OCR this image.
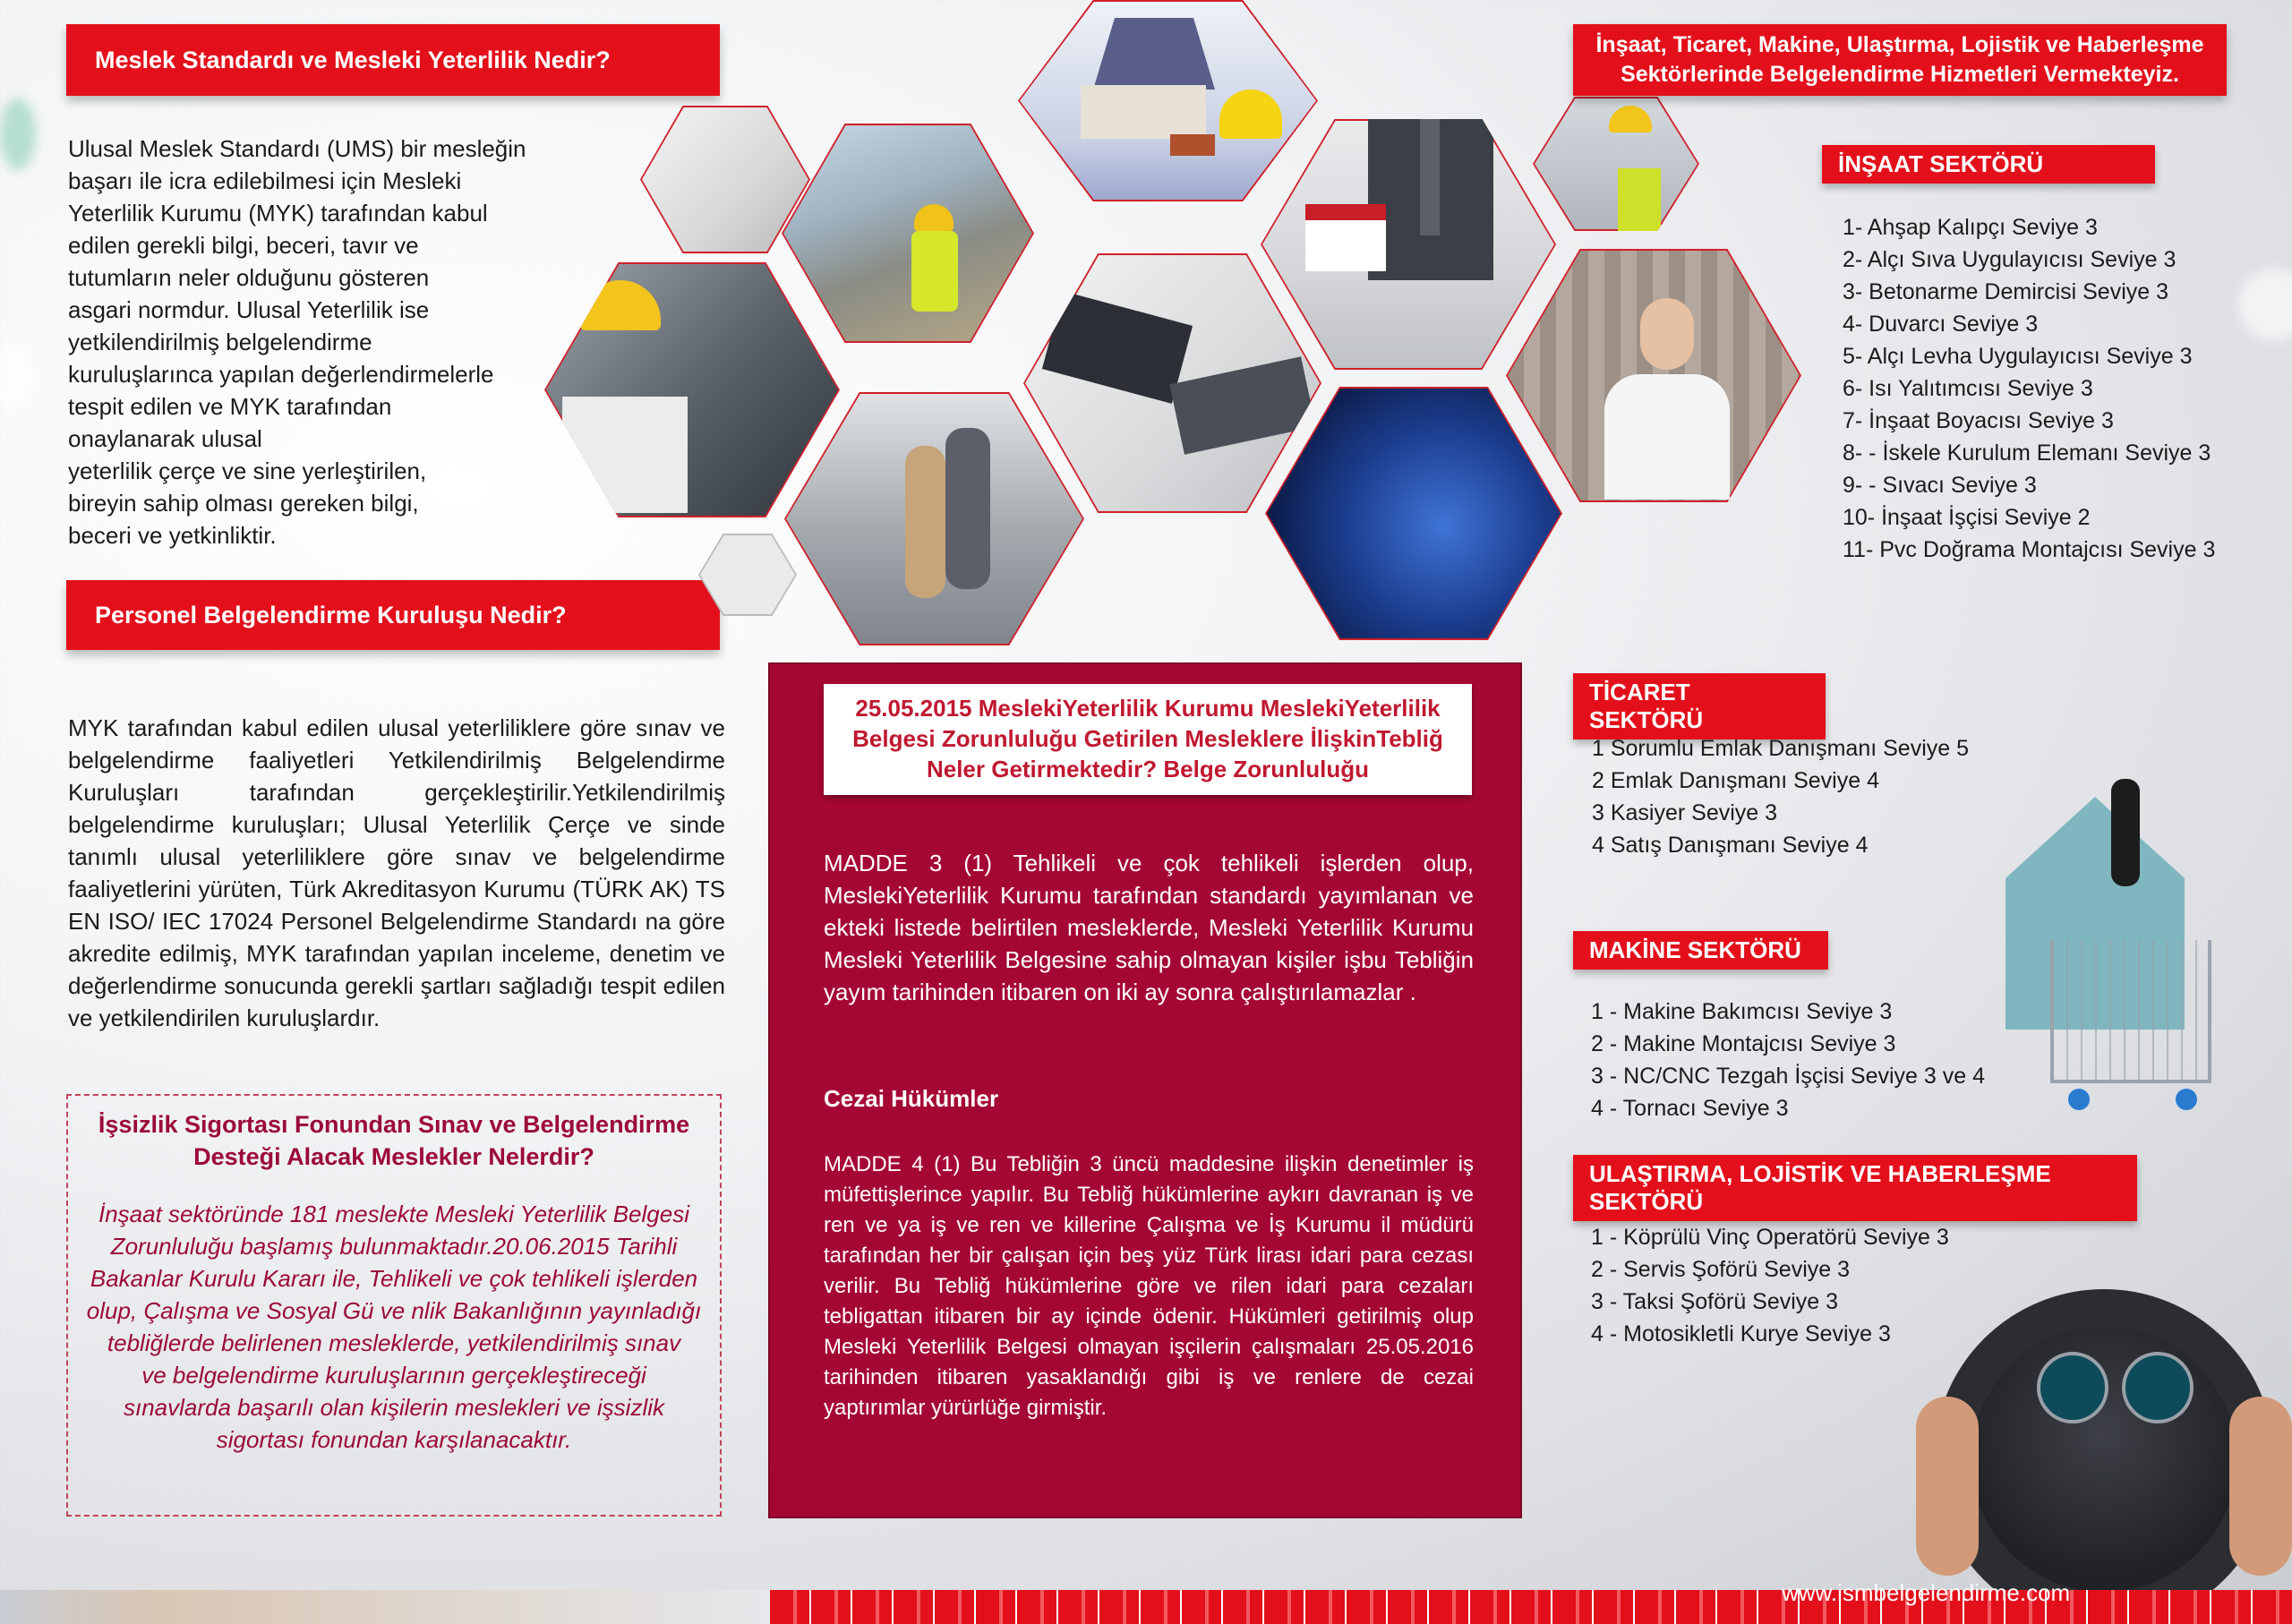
Meslek Standardı ve Mesleki Yeterlilik Nedir?
Ulusal Meslek Standardı (UMS) bir mesleğin
başarı ile icra edilebilmesi için Mesleki
Yeterlilik Kurumu (MYK) tarafından kabul
edilen gerekli bilgi, beceri, tavır ve
tutumların neler olduğunu gösteren
asgari normdur. Ulusal Yeterlilik ise
yetkilendirilmiş belgelendirme
kuruluşlarınca yapılan değerlendirmelerle
tespit edilen ve MYK tarafından
onaylanarak ulusal
yeterlilik çerçe ve sine yerleştirilen,
bireyin sahip olması gereken bilgi,
beceri ve yetkinliktir.
Personel Belgelendirme Kuruluşu Nedir?
MYK tarafından kabul edilen ulusal yeterliliklere göre sınav ve belgelendirme faaliyetleri Yetkilendirilmiş Belgelendirme Kuruluşları tarafından gerçekleştirilir.Yetkilendirilmiş belgelendirme kuruluşları; Ulusal Yeterlilik Çerçe ve sinde tanımlı ulusal yeterliliklere göre sınav ve belgelendirme faaliyetlerini yürüten, Türk Akreditasyon Kurumu (TÜRK AK) TS EN ISO/ IEC 17024 Personel Belgelendirme Standardı na göre akredite edilmiş, MYK tarafından yapılan inceleme, denetim ve değerlendirme sonucunda gerekli şartları sağladığı tespit edilen ve yetkilendirilen kuruluşlardır.
İşsizlik Sigortası Fonundan Sınav ve Belgelendirme
Desteği Alacak Meslekler Nelerdir?
İnşaat sektöründe 181 meslekte Mesleki Yeterlilik Belgesi
Zorunluluğu başlamış bulunmaktadır.20.06.2015 Tarihli
Bakanlar Kurulu Kararı ile, Tehlikeli ve çok tehlikeli işlerden
olup, Çalışma ve Sosyal Gü ve nlik Bakanlığının yayınladığı
tebliğlerde belirlenen mesleklerde, yetkilendirilmiş sınav
ve belgelendirme kuruluşlarının gerçekleştireceği
sınavlarda başarılı olan kişilerin meslekleri ve işsizlik
sigortası fonundan karşılanacaktır.
25.05.2015 MeslekiYeterlilik Kurumu MeslekiYeterlilik
Belgesi Zorunluluğu Getirilen Mesleklere İlişkinTebliğ
Neler Getirmektedir? Belge Zorunluluğu
MADDE 3 (1) Tehlikeli ve çok tehlikeli işlerden olup, MeslekiYeterlilik Kurumu tarafından standardı yayımlanan ve ekteki listede belirtilen mesleklerde, Mesleki Yeterlilik Kurumu Mesleki Yeterlilik Belgesine sahip olmayan kişiler işbu Tebliğin yayım tarihinden itibaren on iki ay sonra çalıştırılamazlar .
Cezai Hükümler
MADDE 4 (1) Bu Tebliğin 3 üncü maddesine ilişkin denetimler iş müfettişlerince yapılır. Bu Tebliğ hükümlerine aykırı davranan iş ve ren ve ya iş ve ren ve killerine Çalışma ve İş Kurumu il müdürü tarafından her bir çalışan için beş yüz Türk lirası idari para cezası verilir. Bu Tebliğ hükümlerine göre ve rilen idari para cezaları tebligattan itibaren bir ay içinde ödenir. Hükümleri getirilmiş olup Mesleki Yeterlilik Belgesi olmayan işçilerin çalışmaları 25.05.2016 tarihinden itibaren yasaklandığı gibi iş ve renlere de cezai yaptırımlar yürürlüğe girmiştir.
İnşaat, Ticaret, Makine, Ulaştırma, Lojistik ve Haberleşme
Sektörlerinde Belgelendirme Hizmetleri Vermekteyiz.
İNŞAAT SEKTÖRÜ
1- Ahşap Kalıpçı Seviye 3
2- Alçı Sıva Uygulayıcısı Seviye 3
3- Betonarme Demircisi Seviye 3
4- Duvarcı Seviye 3
5- Alçı Levha Uygulayıcısı Seviye 3
6- Isı Yalıtımcısı Seviye 3
7- İnşaat Boyacısı Seviye 3
8- - İskele Kurulum Elemanı Seviye 3
9- - Sıvacı Seviye 3
10- İnşaat İşçisi Seviye 2
11- Pvc Doğrama Montajcısı Seviye 3
TİCARET SEKTÖRÜ
1 Sorumlu Emlak Danışmanı Seviye 5
2 Emlak Danışmanı Seviye 4
3 Kasiyer Seviye 3
4 Satış Danışmanı Seviye 4
MAKİNE SEKTÖRÜ
1 - Makine Bakımcısı Seviye 3
2 - Makine Montajcısı Seviye 3
3 - NC/CNC Tezgah İşçisi Seviye 3 ve 4
4 - Tornacı Seviye 3
ULAŞTIRMA, LOJİSTİK VE HABERLEŞME SEKTÖRÜ
1 - Köprülü Vinç Operatörü Seviye 3
2 - Servis Şoförü Seviye 3
3 - Taksi Şoförü Seviye 3
4 - Motosikletli Kurye Seviye 3
www.ismbelgelendirme.com
